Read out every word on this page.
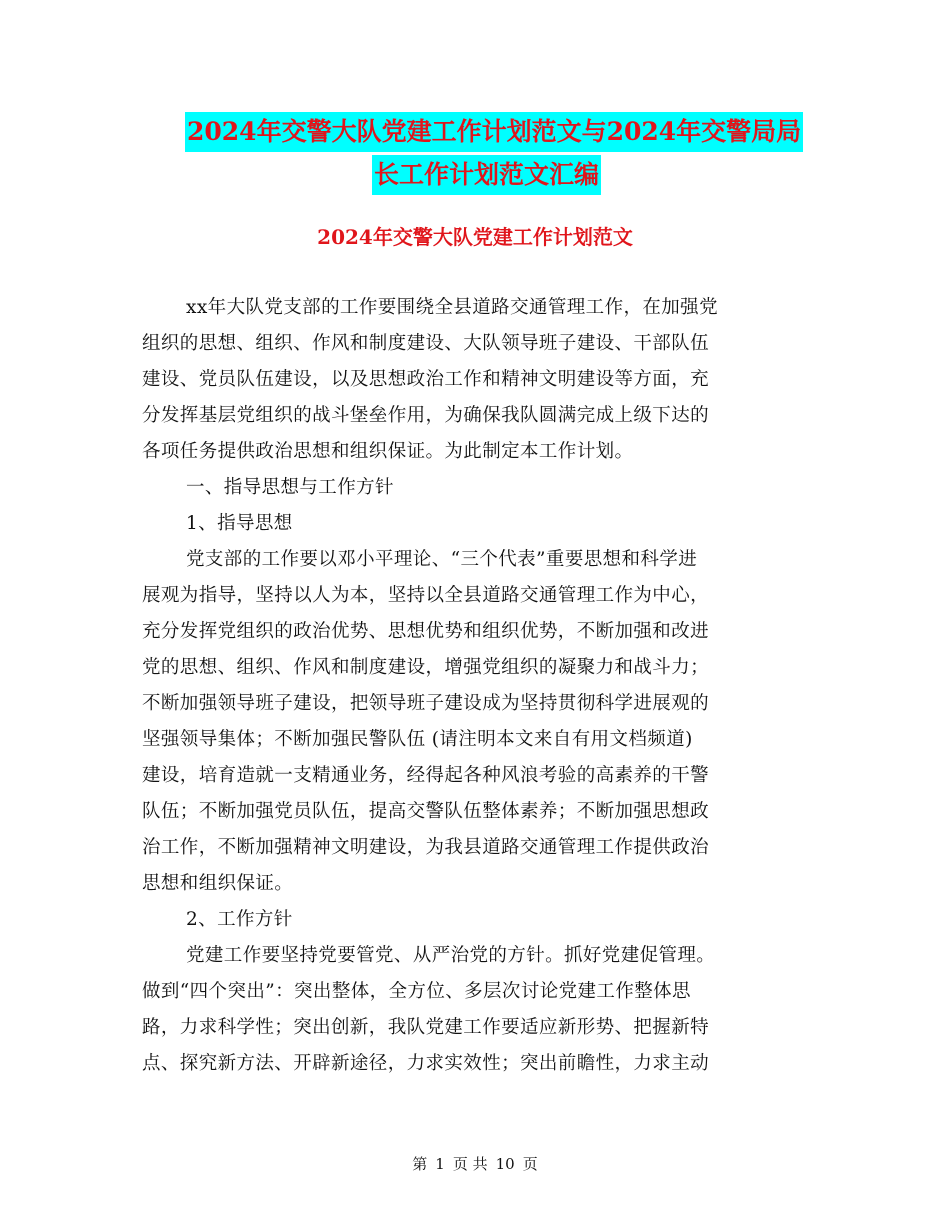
2024年交警大队党建工作计划范文与2024年交警局局
长工作计划范文汇编
2024年交警大队党建工作计划范文
xx年大队党支部的工作要围绕全县道路交通管理工作，在加强党
组织的思想、组织、作风和制度建设、大队领导班子建设、干部队伍
建设、党员队伍建设，以及思想政治工作和精神文明建设等方面，充
分发挥基层党组织的战斗堡垒作用，为确保我队圆满完成上级下达的
各项任务提供政治思想和组织保证。为此制定本工作计划。
一、指导思想与工作方针
1、指导思想
党支部的工作要以邓小平理论、“三个代表”重要思想和科学进
展观为指导，坚持以人为本，坚持以全县道路交通管理工作为中心，
充分发挥党组织的政治优势、思想优势和组织优势，不断加强和改进
党的思想、组织、作风和制度建设，增强党组织的凝聚力和战斗力；
不断加强领导班子建设，把领导班子建设成为坚持贯彻科学进展观的
坚强领导集体；不断加强民警队伍 (请注明本文来自有用文档频道)
建设，培育造就一支精通业务，经得起各种风浪考验的高素养的干警
队伍；不断加强党员队伍，提高交警队伍整体素养；不断加强思想政
治工作，不断加强精神文明建设，为我县道路交通管理工作提供政治
思想和组织保证。
2、工作方针
党建工作要坚持党要管党、从严治党的方针。抓好党建促管理。
做到“四个突出”：突出整体，全方位、多层次讨论党建工作整体思
路，力求科学性；突出创新，我队党建工作要适应新形势、把握新特
点、探究新方法、开辟新途径，力求实效性；突出前瞻性，力求主动
第 1 页 共 10 页
